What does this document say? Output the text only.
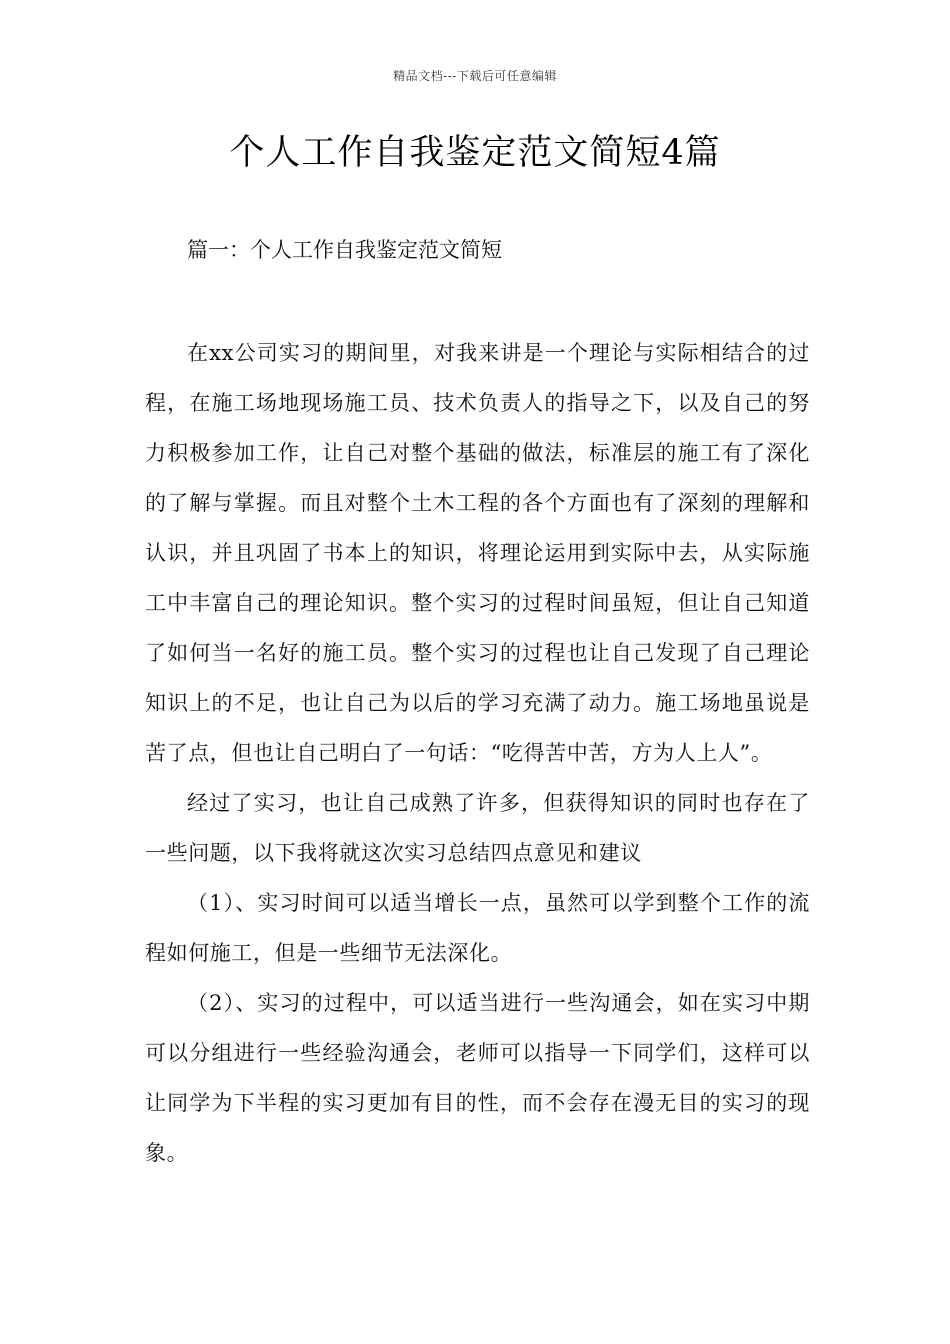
精品文档---下载后可任意编辑
个人工作自我鉴定范文简短4篇

篇一：个人工作自我鉴定范文简短

在xx公司实习的期间里，对我来讲是一个理论与实际相结合的过程，在施工场地现场施工员、技术负责人的指导之下，以及自己的努力积极参加工作，让自己对整个基础的做法，标准层的施工有了深化的了解与掌握。而且对整个土木工程的各个方面也有了深刻的理解和认识，并且巩固了书本上的知识，将理论运用到实际中去，从实际施工中丰富自己的理论知识。整个实习的过程时间虽短，但让自己知道了如何当一名好的施工员。整个实习的过程也让自己发现了自己理论知识上的不足，也让自己为以后的学习充满了动力。施工场地虽说是苦了点，但也让自己明白了一句话：“吃得苦中苦，方为人上人”。

经过了实习，也让自己成熟了许多，但获得知识的同时也存在了一些问题，以下我将就这次实习总结四点意见和建议

（1）、实习时间可以适当增长一点，虽然可以学到整个工作的流程如何施工，但是一些细节无法深化。

（2）、实习的过程中，可以适当进行一些沟通会，如在实习中期可以分组进行一些经验沟通会，老师可以指导一下同学们，这样可以让同学为下半程的实习更加有目的性，而不会存在漫无目的实习的现象。
